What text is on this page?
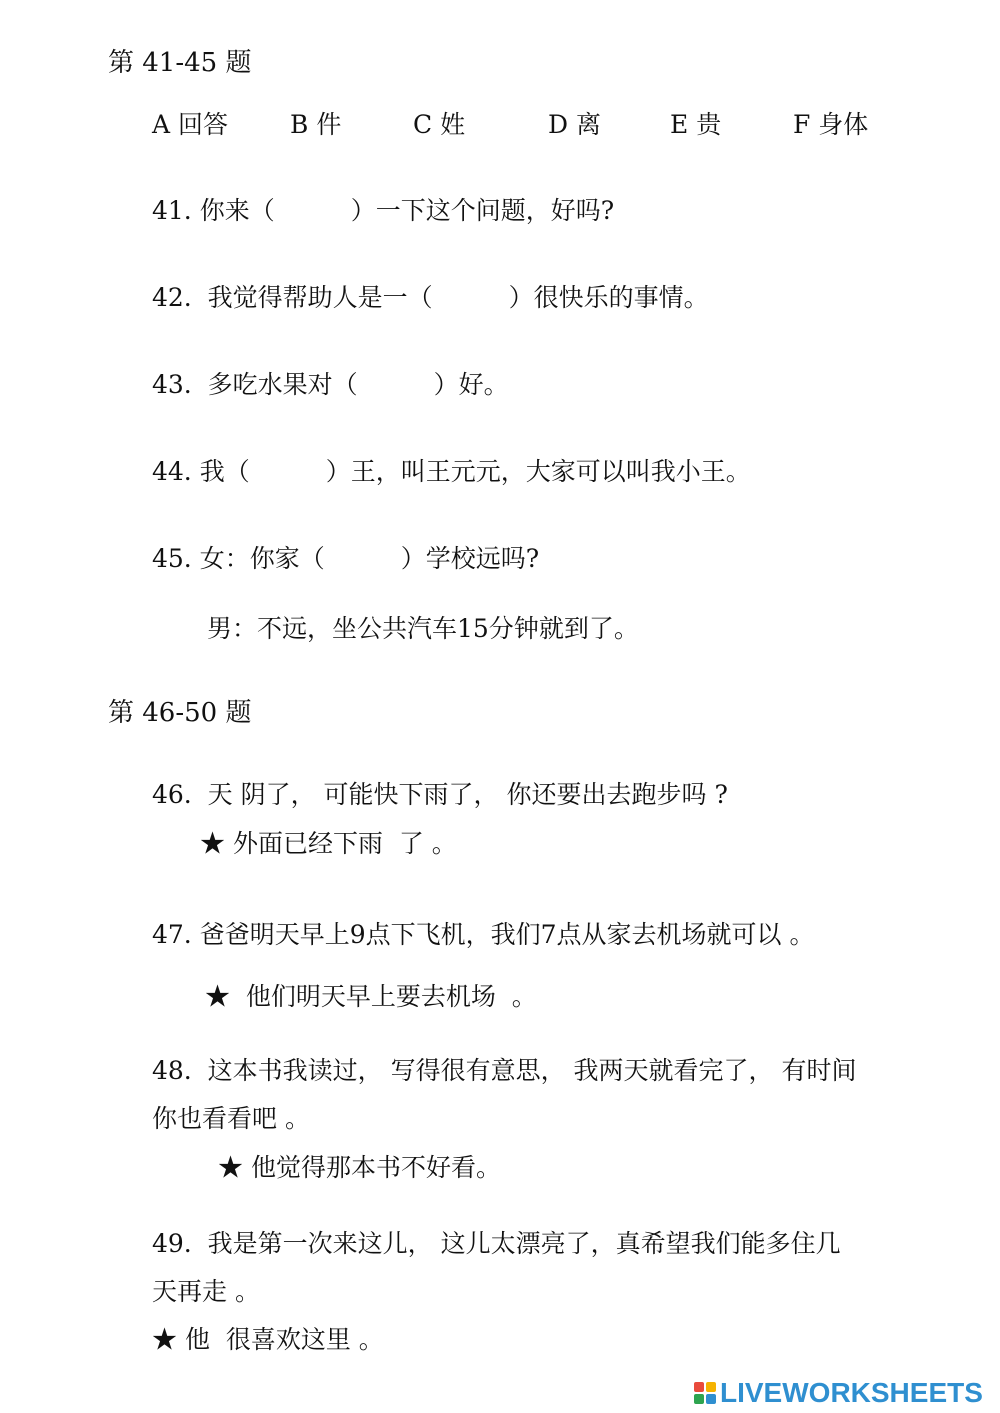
第 41-45 题
A 回答 B 件	C 姓	D 离	E 贵	F 身体
41. 你来（	）一下这个问题，好吗?
42.  我觉得帮助人是一（	）很快乐的事情。
43.  多吃水果对（	）好。
44. 我（	）王，叫王元元，大家可以叫我小王。
45. 女：你家（	）学校远吗?
男：不远，坐公共汽车15分钟就到了。
第 46-50 题
46.  天 阴了， 可能快下雨了， 你还要出去跑步吗 ?
★ 外面已经下雨  了 。
47. 爸爸明天早上9点下飞机，我们7点从家去机场就可以 。
★  他们明天早上要去机场  。
48.  这本书我读过， 写得很有意思， 我两天就看完了， 有时间
你也看看吧 。
★ 他觉得那本书不好看。
49.  我是第一次来这儿， 这儿太漂亮了，真希望我们能多住几
天再走 。
★ 他  很喜欢这里 。
LIVEWORKSHEETS
